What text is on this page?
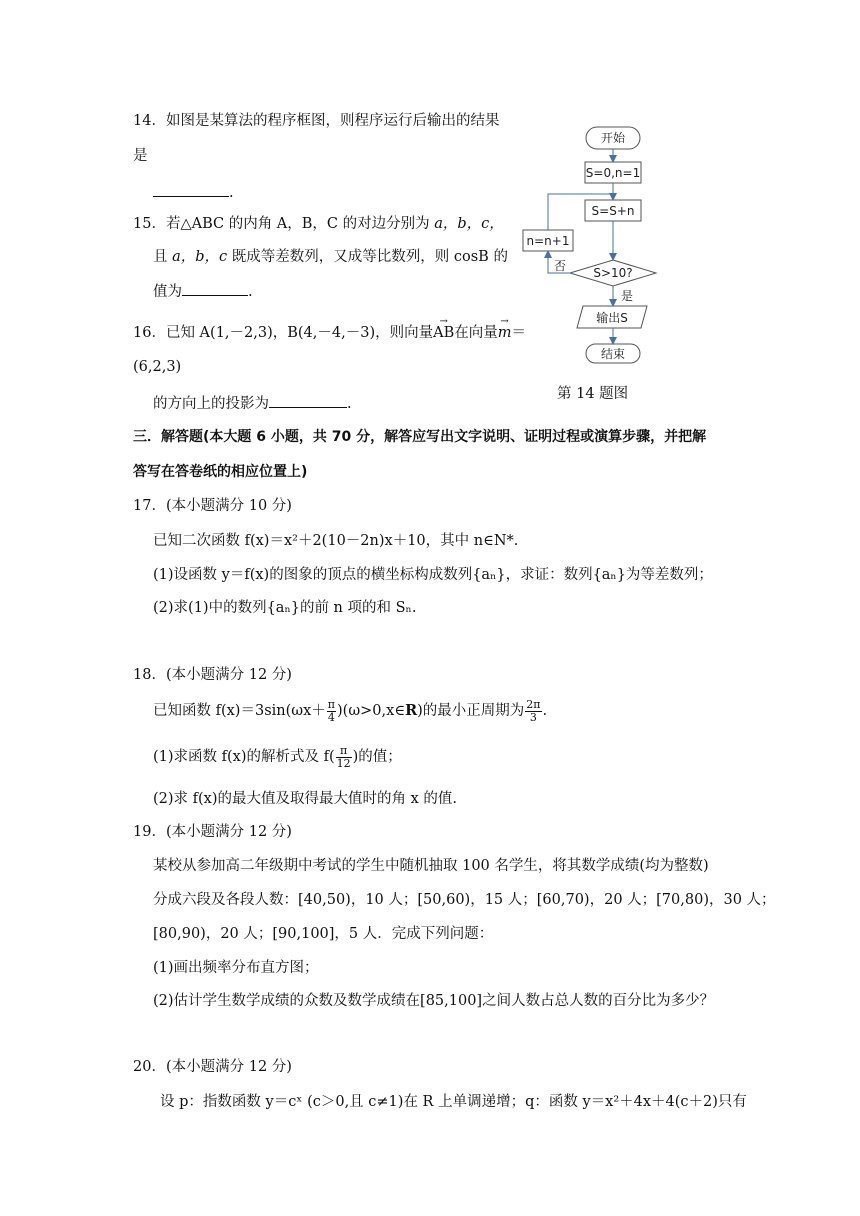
14．如图是某算法的程序框图，则程序运行后输出的结果
是
.
15．若△ABC 的内角 A，B，C 的对边分别为 a，b，c，
且 a，b，c 既成等差数列，又成等比数列，则 cosB 的
值为	.
16．已知 A(1,－2,3)，B(4,－4,－3)，则向量→ AB在向量→ m＝
(6,2,3)
的方向上的投影为	.
开始
S=0,n=1
S=S+n
n=n+1
S>10?
否
是
输出S
结束
第 14 题图
三．解答题(本大题 6 小题，共 70 分，解答应写出文字说明、证明过程或演算步骤，并把解
答写在答卷纸的相应位置上)
17．(本小题满分 10 分)
已知二次函数 f(x)＝x²＋2(10－2n)x＋10，其中 n∈N*.
(1)设函数 y＝f(x)的图象的顶点的横坐标构成数列{aₙ}，求证：数列{aₙ}为等差数列；
(2)求(1)中的数列{aₙ}的前 n 项的和 Sₙ.
18．(本小题满分 12 分)
已知函数 $f(x)=3\sin(\omega x+ \frac{\pi}{4}$ )(ω>0,x∈R)的最小正周期为 $\frac{2\pi}{3}$ .
(1)求函数 f(x)的解析式及 $f( \frac{\pi}{12}$ )的值；
(2)求 f(x)的最大值及取得最大值时的角 x 的值.
19．(本小题满分 12 分)
某校从参加高二年级期中考试的学生中随机抽取 100 名学生，将其数学成绩(均为整数)
分成六段及各段人数：[40,50)，10 人；[50,60)，15 人；[60,70)，20 人；[70,80)，30 人；
[80,90)，20 人；[90,100]，5 人．完成下列问题：
(1)画出频率分布直方图；
(2)估计学生数学成绩的众数及数学成绩在[85,100]之间人数占总人数的百分比为多少？
20．(本小题满分 12 分)
设 p：指数函数 y＝cˣ (c＞0,且 c≠1)在 R 上单调递增；q：函数 y＝x²＋4x＋4(c＋2)只有
